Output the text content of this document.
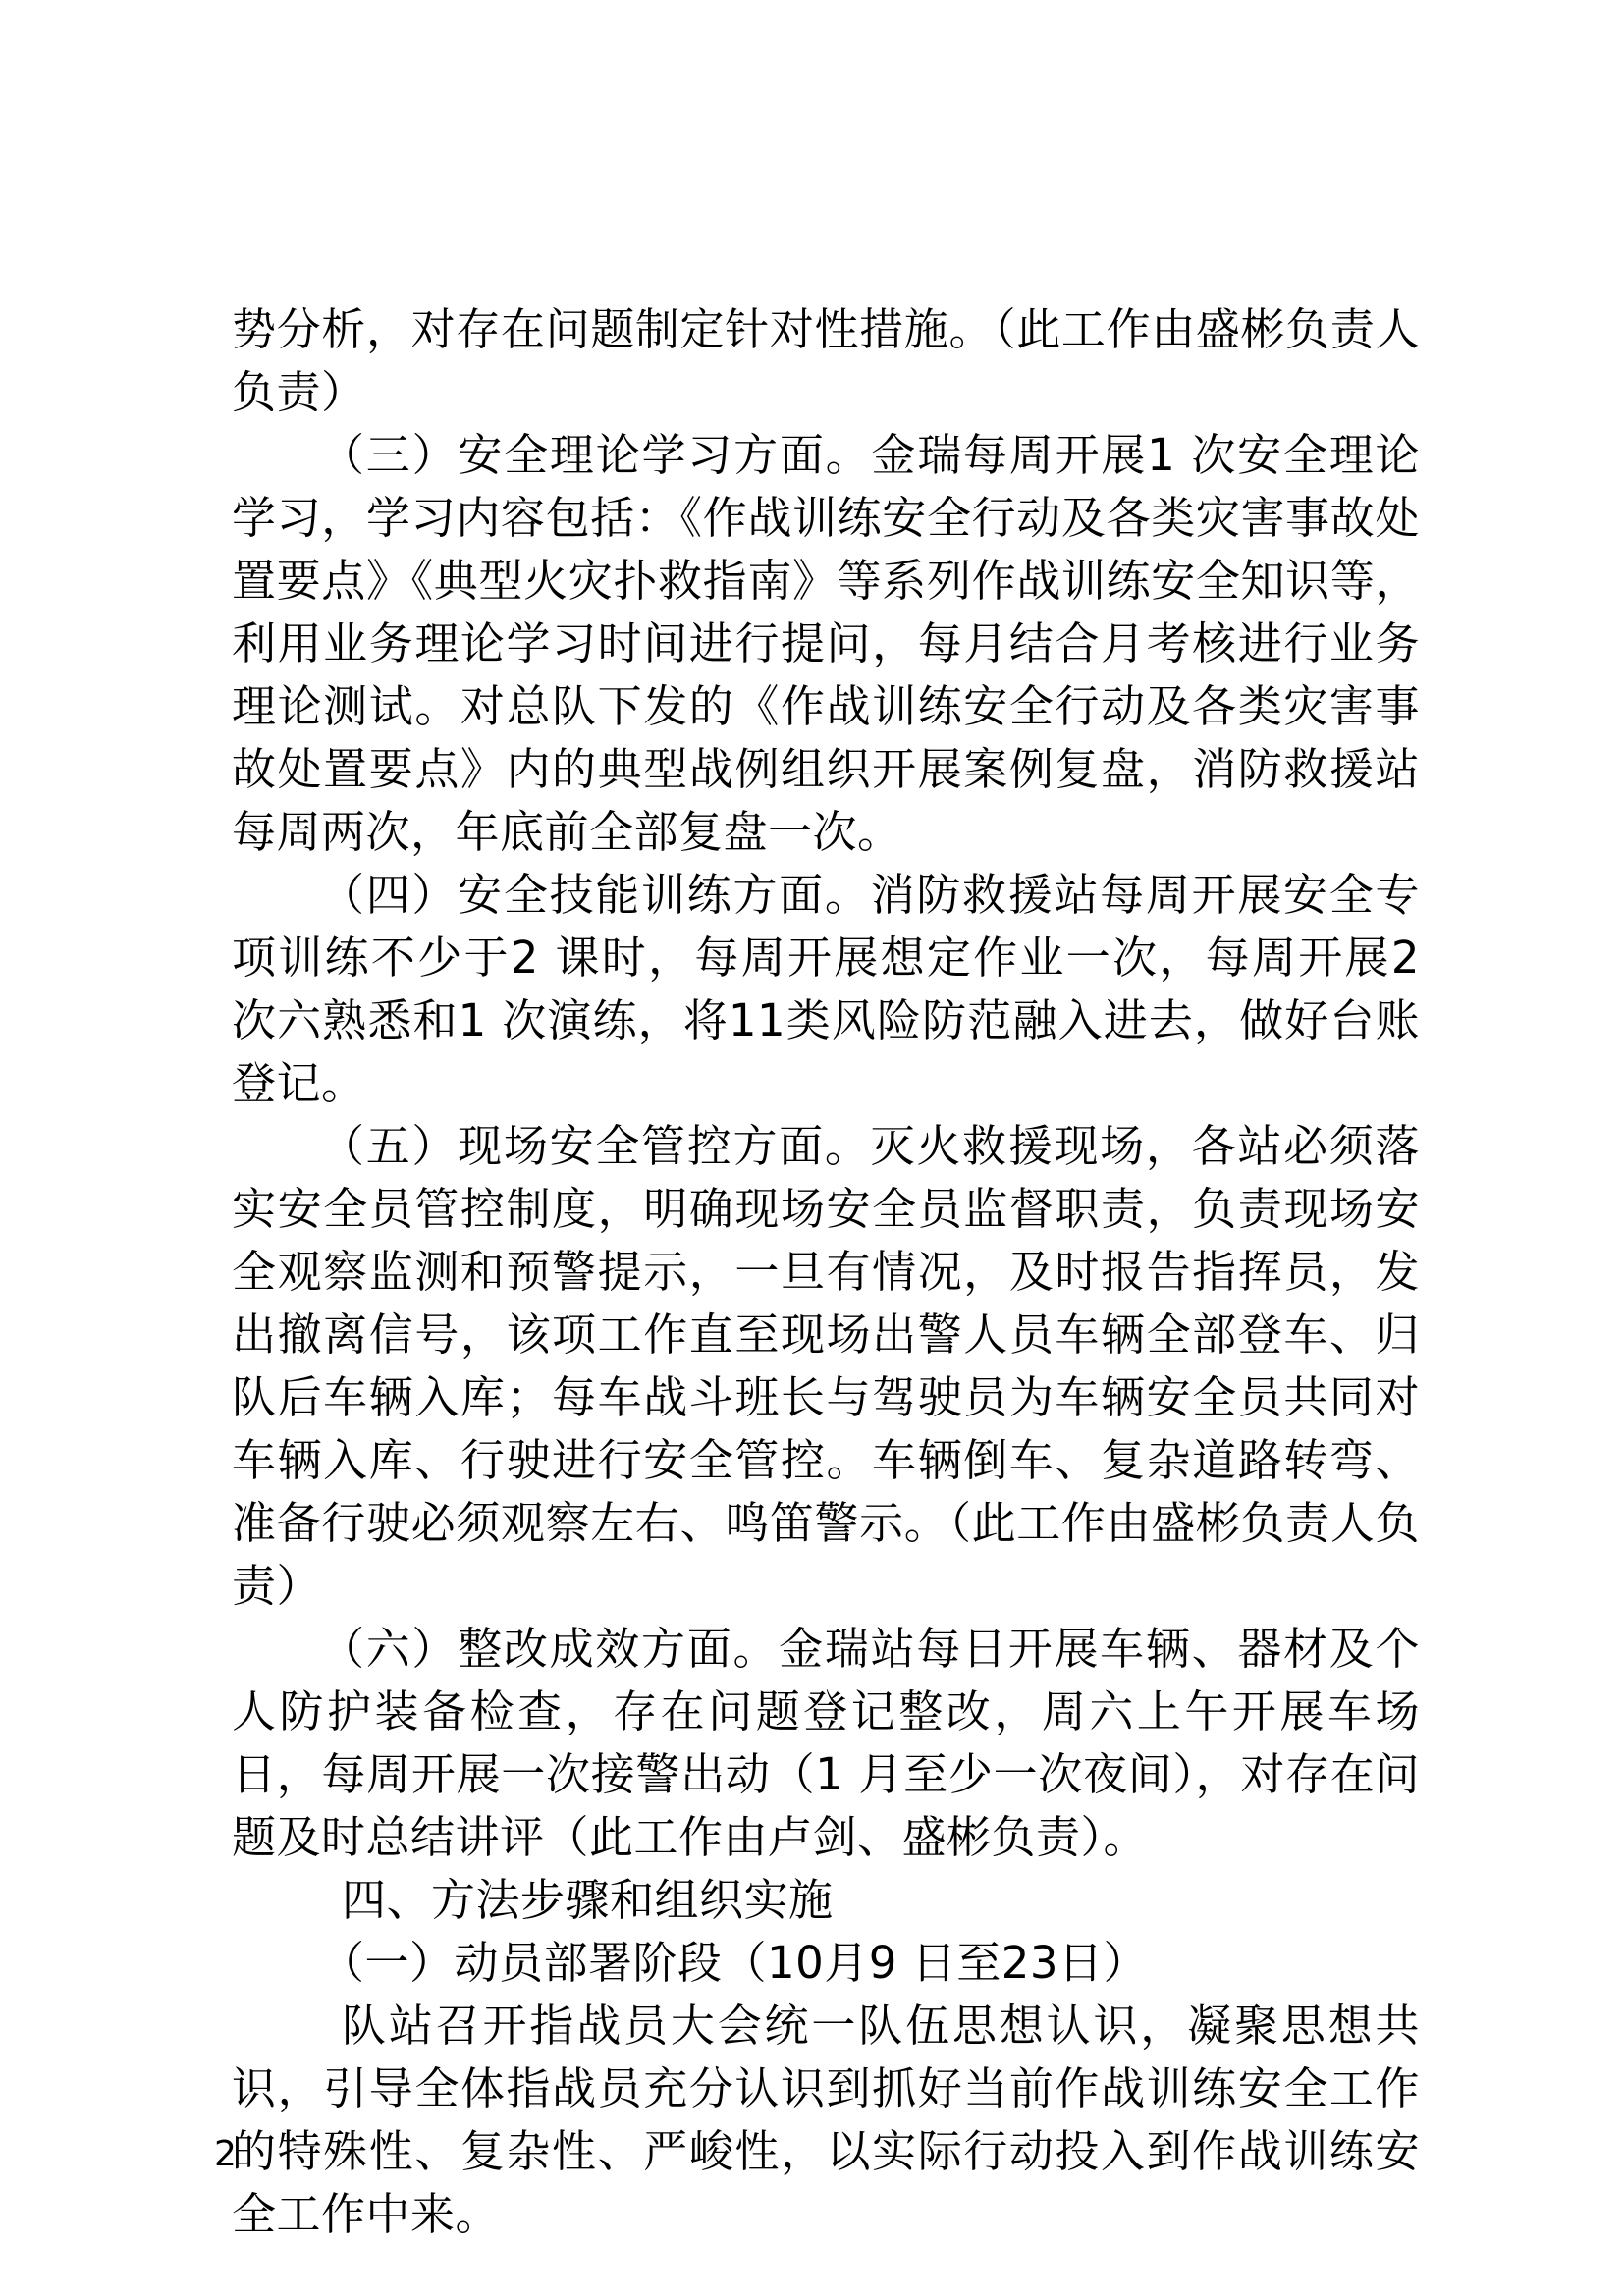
势分析，对存在问题制定针对性措施。（此工作由盛彬负责人负责）

（三）安全理论学习方面。金瑞每周开展1 次安全理论学习，学习内容包括：《作战训练安全行动及各类灾害事故处置要点》《典型火灾扑救指南》等系列作战训练安全知识等，利用业务理论学习时间进行提问，每月结合月考核进行业务理论测试。对总队下发的《作战训练安全行动及各类灾害事故处置要点》内的典型战例组织开展案例复盘，消防救援站每周两次，年底前全部复盘一次。

（四）安全技能训练方面。消防救援站每周开展安全专项训练不少于2 课时，每周开展想定作业一次，每周开展2 次六熟悉和1 次演练，将11类风险防范融入进去，做好台账登记。

（五）现场安全管控方面。灭火救援现场，各站必须落实安全员管控制度，明确现场安全员监督职责，负责现场安全观察监测和预警提示，一旦有情况，及时报告指挥员，发出撤离信号，该项工作直至现场出警人员车辆全部登车、归队后车辆入库；每车战斗班长与驾驶员为车辆安全员共同对车辆入库、行驶进行安全管控。车辆倒车、复杂道路转弯、准备行驶必须观察左右、鸣笛警示。（此工作由盛彬负责人负责）

（六）整改成效方面。金瑞站每日开展车辆、器材及个人防护装备检查，存在问题登记整改，周六上午开展车场日，每周开展一次接警出动（1 月至少一次夜间），对存在问题及时总结讲评（此工作由卢剑、盛彬负责）。

四、方法步骤和组织实施

（一）动员部署阶段（10月9 日至23日）

队站召开指战员大会统一队伍思想认识，凝聚思想共识，引导全体指战员充分认识到抓好当前作战训练安全工作的特殊性、复杂性、严峻性，以实际行动投入到作战训练安全工作中来。

2
